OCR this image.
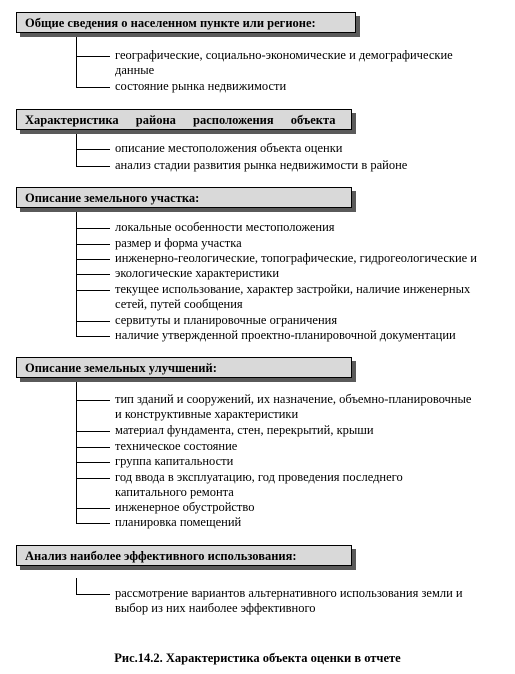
Общие сведения о населенном пункте или регионе:
географические, социально-экономические и демографические
данные
состояние рынка недвижимости
Характеристика района расположения объекта
описание местоположения объекта оценки
анализ стадии развития рынка недвижимости в районе
Описание земельного участка:
локальные особенности местоположения
размер и форма участка
инженерно-геологические, топографические, гидрогеологические и
экологические характеристики
текущее использование, характер застройки, наличие инженерных
сетей, путей сообщения
сервитуты и планировочные ограничения
наличие утвержденной проектно-планировочной документации
Описание земельных улучшений:
тип зданий и сооружений, их назначение, объемно-планировочные
и конструктивные характеристики
материал фундамента, стен, перекрытий, крыши
техническое состояние
группа капитальности
год ввода в эксплуатацию, год проведения последнего
капитального ремонта
инженерное обустройство
планировка помещений
Анализ наиболее эффективного использования:
рассмотрение вариантов альтернативного использования земли и
выбор из них наиболее эффективного
Рис.14.2. Характеристика объекта оценки в отчете
